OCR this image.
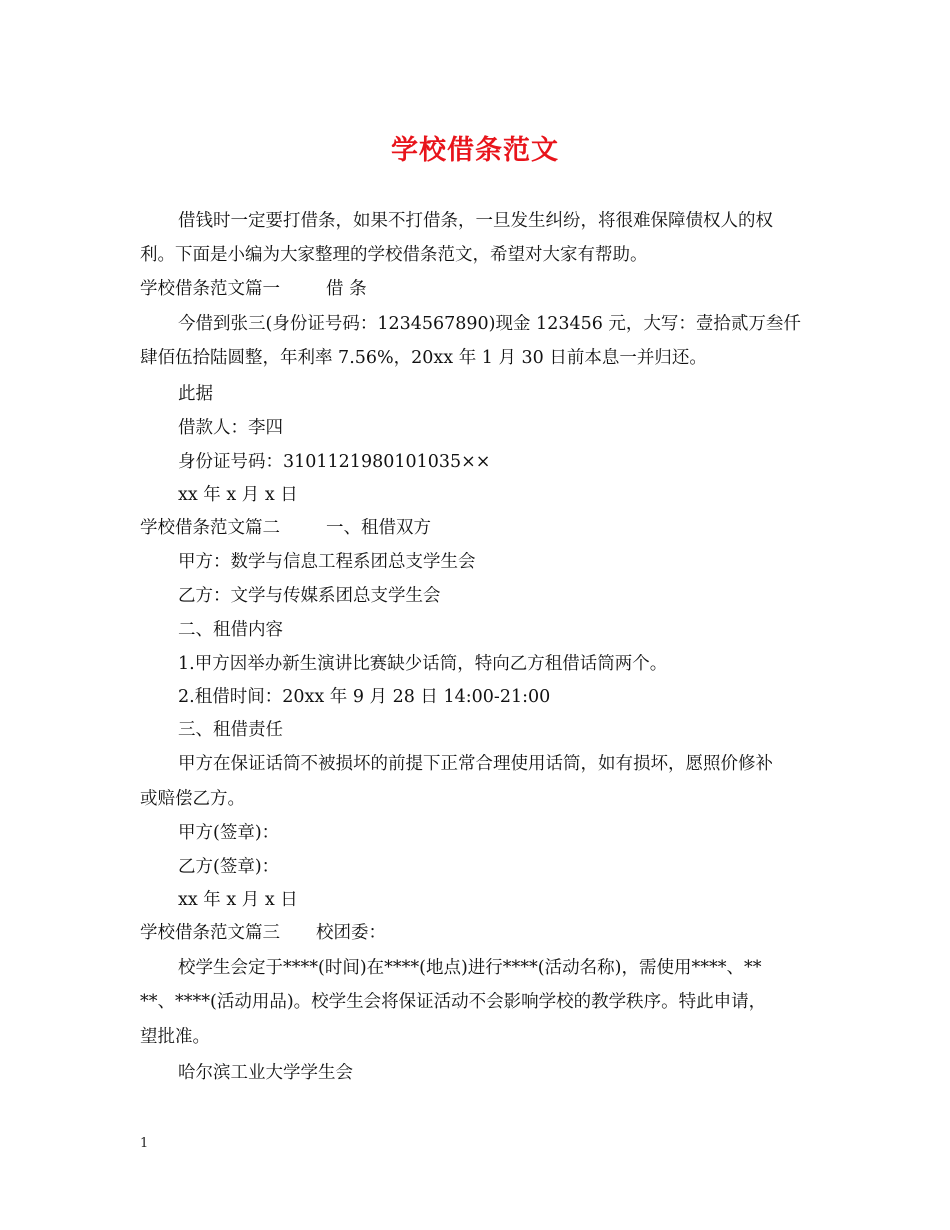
学校借条范文
借钱时一定要打借条，如果不打借条，一旦发生纠纷，将很难保障债权人的权
利。下面是小编为大家整理的学校借条范文，希望对大家有帮助。
学校借条范文篇一	借 条
今借到张三(身份证号码：1234567890)现金 123456 元，大写：壹拾贰万叁仟
肆佰伍拾陆圆整，年利率 7.56%，20xx 年 1 月 30 日前本息一并归还。
此据
借款人：李四
身份证号码：3101121980101035××
xx 年 x 月 x 日
学校借条范文篇二	一、租借双方
甲方：数学与信息工程系团总支学生会
乙方：文学与传媒系团总支学生会
二、租借内容
1.甲方因举办新生演讲比赛缺少话筒，特向乙方租借话筒两个。
2.租借时间：20xx 年 9 月 28 日 14:00-21:00
三、租借责任
甲方在保证话筒不被损坏的前提下正常合理使用话筒，如有损坏，愿照价修补
或赔偿乙方。
甲方(签章)：
乙方(签章)：
xx 年 x 月 x 日
学校借条范文篇三 校团委：
校学生会定于****(时间)在****(地点)进行****(活动名称)，需使用****、**
**、****(活动用品)。校学生会将保证活动不会影响学校的教学秩序。特此申请，
望批准。
哈尔滨工业大学学生会
1
